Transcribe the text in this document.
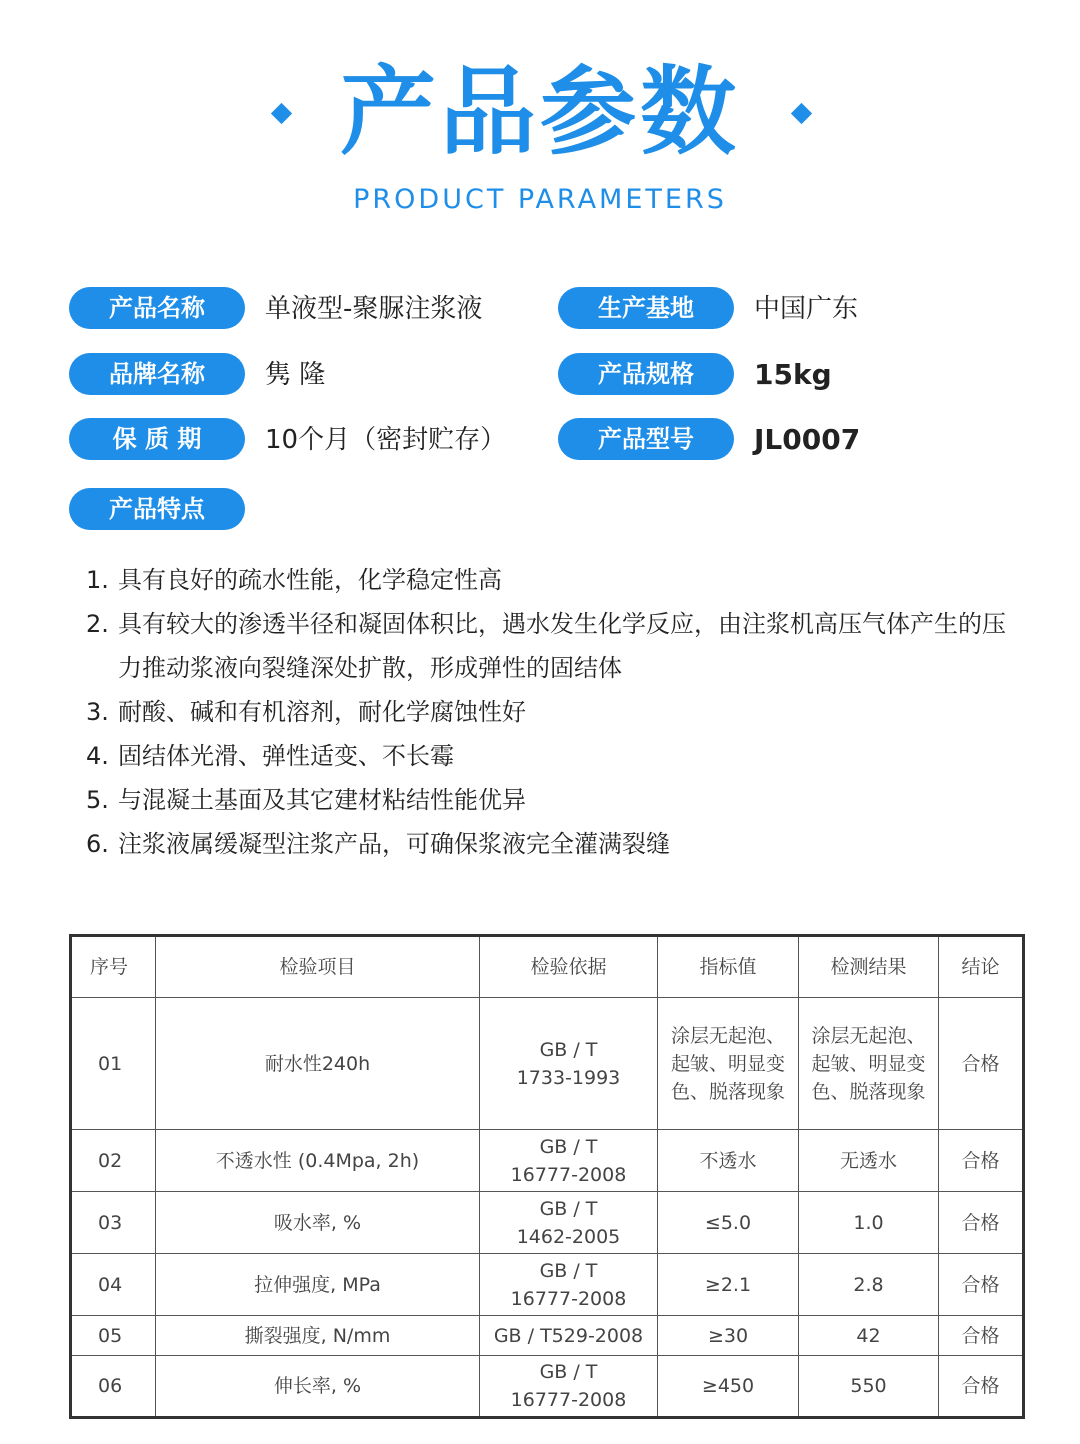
产品参数
PRODUCT PARAMETERS
产品名称	单液型-聚脲注浆液	生产基地	中国广东
品牌名称	隽 隆	产品规格	15kg
保 质 期	10个月（密封贮存）	产品型号	JL0007
产品特点
1. 具有良好的疏水性能，化学稳定性高
2. 具有较大的渗透半径和凝固体积比，遇水发生化学反应，由注浆机高压气体产生的压力推动浆液向裂缝深处扩散，形成弹性的固结体
3. 耐酸、碱和有机溶剂，耐化学腐蚀性好
4. 固结体光滑、弹性适变、不长霉
5. 与混凝土基面及其它建材粘结性能优异
6. 注浆液属缓凝型注浆产品，可确保浆液完全灌满裂缝
序号	检验项目	检验依据	指标值	检测结果	结论
01	耐水性240h	GB / T
1733-1993	涂层无起泡、
起皱、明显变
色、脱落现象	涂层无起泡、
起皱、明显变
色、脱落现象	合格
02	不透水性 (0.4Mpa, 2h)	GB / T
16777-2008	不透水	无透水	合格
03	吸水率, %	GB / T
1462-2005	≤5.0	1.0	合格
04	拉伸强度, MPa	GB / T
16777-2008	≥2.1	2.8	合格
05	撕裂强度, N/mm	GB / T529-2008	≥30	42	合格
06	伸长率, %	GB / T
16777-2008	≥450	550	合格
